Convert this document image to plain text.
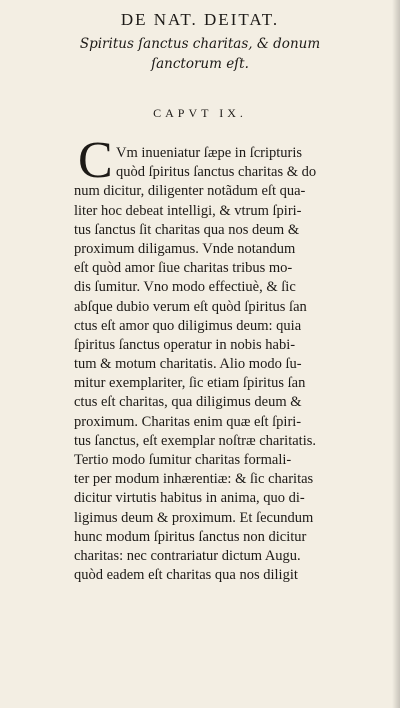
DE NAT. DEITAT.
Spiritus ſanctus charitas, & donum
ſanctorum eſt.
CAPVT IX.
C Vm inueniatur ſæpe in ſcripturis
quòd ſpiritus ſanctus charitas & do
num dicitur, diligenter notãdum eſt qua-
liter hoc debeat intelligi, & vtrum ſpiri-
tus ſanctus ſit charitas qua nos deum &
proximum diligamus. Vnde notandum
eſt quòd amor ſiue charitas tribus mo-
dis ſumitur. Vno modo effectiuè, & ſic
abſque dubio verum eſt quòd ſpiritus ſan
ctus eſt amor quo diligimus deum: quia
ſpiritus ſanctus operatur in nobis habi-
tum & motum charitatis. Alio modo ſu-
mitur exemplariter, ſic etiam ſpiritus ſan
ctus eſt charitas, qua diligimus deum &
proximum. Charitas enim quæ eſt ſpiri-
tus ſanctus, eſt exemplar noſtræ charitatis.
Tertio modo ſumitur charitas formali-
ter per modum inhærentiæ: & ſic charitas
dicitur virtutis habitus in anima, quo di-
ligimus deum & proximum. Et ſecundum
hunc modum ſpiritus ſanctus non dicitur
charitas: nec contrariatur dictum Augu.
quòd eadem eſt charitas qua nos diligit
